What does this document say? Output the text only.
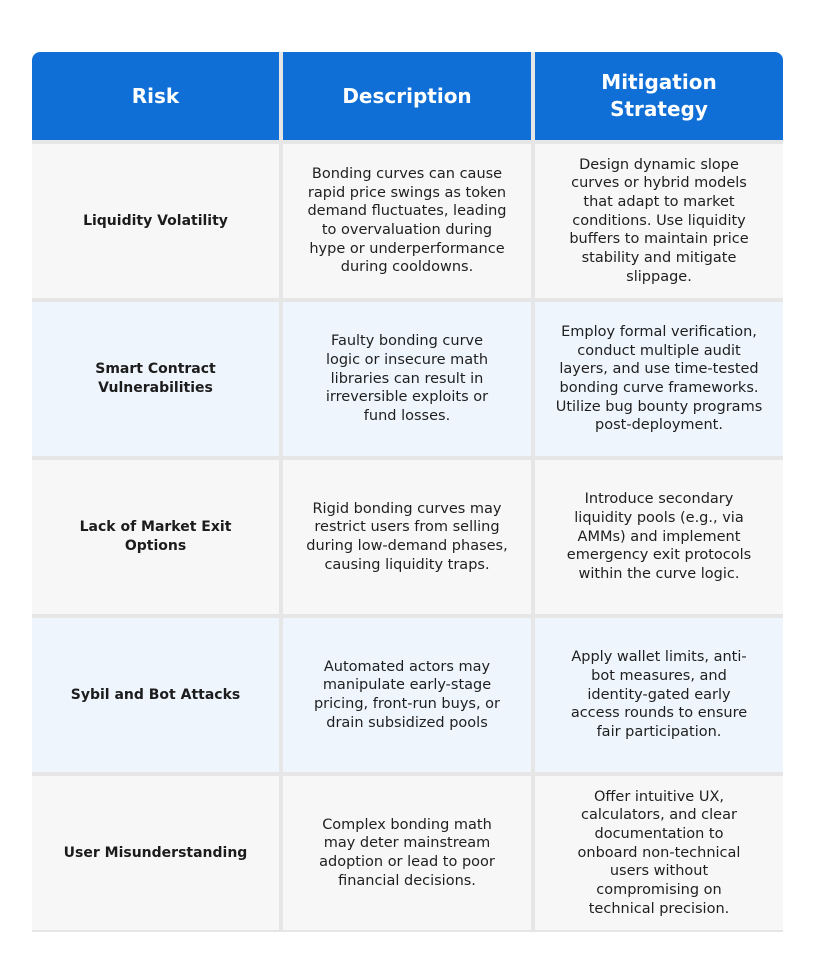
Risk	Description
Mitigation Strategy
Liquidity Volatility
Bonding curves can cause rapid price swings as token demand fluctuates, leading to overvaluation during hype or underperformance during cooldowns.
Design dynamic slope curves or hybrid models that adapt to market conditions. Use liquidity buffers to maintain price stability and mitigate slippage.
Smart Contract Vulnerabilities
Faulty bonding curve logic or insecure math libraries can result in irreversible exploits or fund losses.
Employ formal verification, conduct multiple audit layers, and use time-tested bonding curve frameworks. Utilize bug bounty programs post-deployment.
Lack of Market Exit Options
Rigid bonding curves may restrict users from selling during low-demand phases, causing liquidity traps.
Introduce secondary liquidity pools (e.g., via AMMs) and implement emergency exit protocols within the curve logic.
Sybil and Bot Attacks
Automated actors may manipulate early-stage pricing, front-run buys, or drain subsidized pools
Apply wallet limits, anti-bot measures, and identity-gated early access rounds to ensure fair participation.
User Misunderstanding
Complex bonding math may deter mainstream adoption or lead to poor financial decisions.
Offer intuitive UX, calculators, and clear documentation to onboard non-technical users without compromising on technical precision.
